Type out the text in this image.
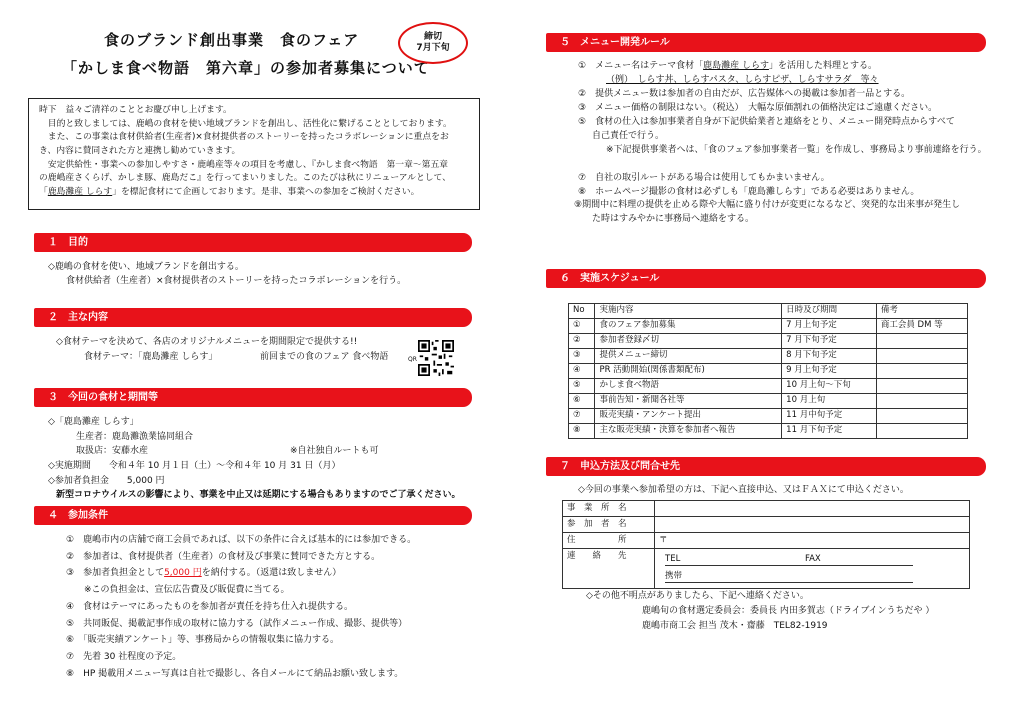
食のブランド創出事業　食のフェア
「かしま食べ物語　第六章」の参加者募集について
締切
7月下旬

時下　益々ご清祥のこととお慶び申し上げます。

目的と致しましては、鹿嶋の食材を使い地域ブランドを創出し、活性化に繋げることとしております。

また、この事業は食材供給者(生産者)×食材提供者のストーリーを持ったコラボレーションに重点をお

き、内容に賛同された方と連携し勧めていきます。

安定供給性・事業への参加しやすさ・鹿嶋産等々の項目を考慮し、『かしま食べ物語　第一章～第五章

の鹿嶋産さくらげ、かしま豚、鹿島だこ』を行ってまいりました。このたびは秋にリニューアルとして、

「鹿島灘産 しらす」を標記食材にて企画しております。是非、事業への参加をご検討ください。

１　目的
◇鹿嶋の食材を使い、地域ブランドを創出する。
食材供給者（生産者）×食材提供者のストーリーを持ったコラボレーションを行う。
２　主な内容
◇食材テーマを決めて、各店のオリジナルメニューを期間限定で提供する!!
食材テーマ：「鹿島灘産 しらす」	前回までの食のフェア 食べ物語	QR
３　今回の食材と期間等
◇「鹿島灘産 しらす」
生産者：鹿島灘漁業協同組合
取扱店：安藤水産	※自社独自ルートも可
◇実施期間　　令和４年 10 月１日（土）～令和４年 10 月 31 日（月）
◇参加者負担金　　5,000 円
新型コロナウイルスの影響により、事業を中止又は延期にする場合もありますのでご了承ください。
４　参加条件
①　鹿嶋市内の店舗で商工会員であれば、以下の条件に合えば基本的には参加できる。
②　参加者は、食材提供者（生産者）の食材及び事業に賛同できた方とする。
③　参加者負担金として5,000 円を納付する。（返還は致しません）
※この負担金は、宣伝広告費及び販促費に当てる。
④　食材はテーマにあったものを参加者が責任を持ち仕入れ提供する。
⑤　共同販促、掲載記事作成の取材に協力する（試作メニュー作成、撮影、提供等）
⑥　「販売実績アンケート」等、事務局からの情報収集に協力する。
⑦　先着 30 社程度の予定。
⑧　HP 掲載用メニュー写真は自社で撮影し、各自メールにて納品お願い致します。
５　メニュー開発ルール
①　メニュー名はテーマ食材「鹿島灘産 しらす」を活用した料理とする。
（例）　しらす丼、しらすパスタ、しらすピザ、しらすサラダ　等々
②　提供メニュー数は参加者の自由だが、広告媒体への掲載は参加者一品とする。
③　メニュー価格の制限はない。（税込）　大幅な原価割れの価格決定はご遠慮ください。
⑤　食材の仕入は参加事業者自身が下記供給業者と連絡をとり、メニュー開発時点からすべて
自己責任で行う。
※下記提供事業者へは、「食のフェア参加事業者一覧」を作成し、事務局より事前連絡を行う。
⑦　自社の取引ルートがある場合は使用してもかまいません。
⑧　ホームページ撮影の食材は必ずしも「鹿島灘しらす」である必要はありません。
⑨期間中に料理の提供を止める際や大幅に盛り付けが変更になるなど、突発的な出来事が発生し
た時はすみやかに事務局へ連絡をする。
６　実施スケジュール
No	実施内容	日時及び期間	備考
①	食のフェア参加募集	7 月上旬予定	商工会員 DM 等
②	参加者登録〆切	7 月下旬予定	
③	提供メニュー締切	8 月下旬予定	
④	PR 活動開始(関係書類配布)	9 月上旬予定	
⑤	かしま食べ物語	10 月上旬～下旬	
⑥	事前告知・新聞各社等	10 月上旬	
⑦	販売実績・アンケート提出	11 月中旬予定	
⑧	主な販売実績・決算を参加者へ報告	11 月下旬予定	
７　申込方法及び問合せ先
◇今回の事業へ参加希望の方は、下記へ直接申込、又はＦＡＸにて申込ください。
事　業　所　名	
参　加　者　名	
住　　　　　所	〒
連　　絡　　先	TEL FAX
携帯
◇その他不明点がありましたら、下記へ連絡ください。
鹿嶋旬の食材選定委員会：委員長 内田多賀志（ドライブインうちだや ）
鹿嶋市商工会 担当 茂木・齋藤　TEL82-1919
